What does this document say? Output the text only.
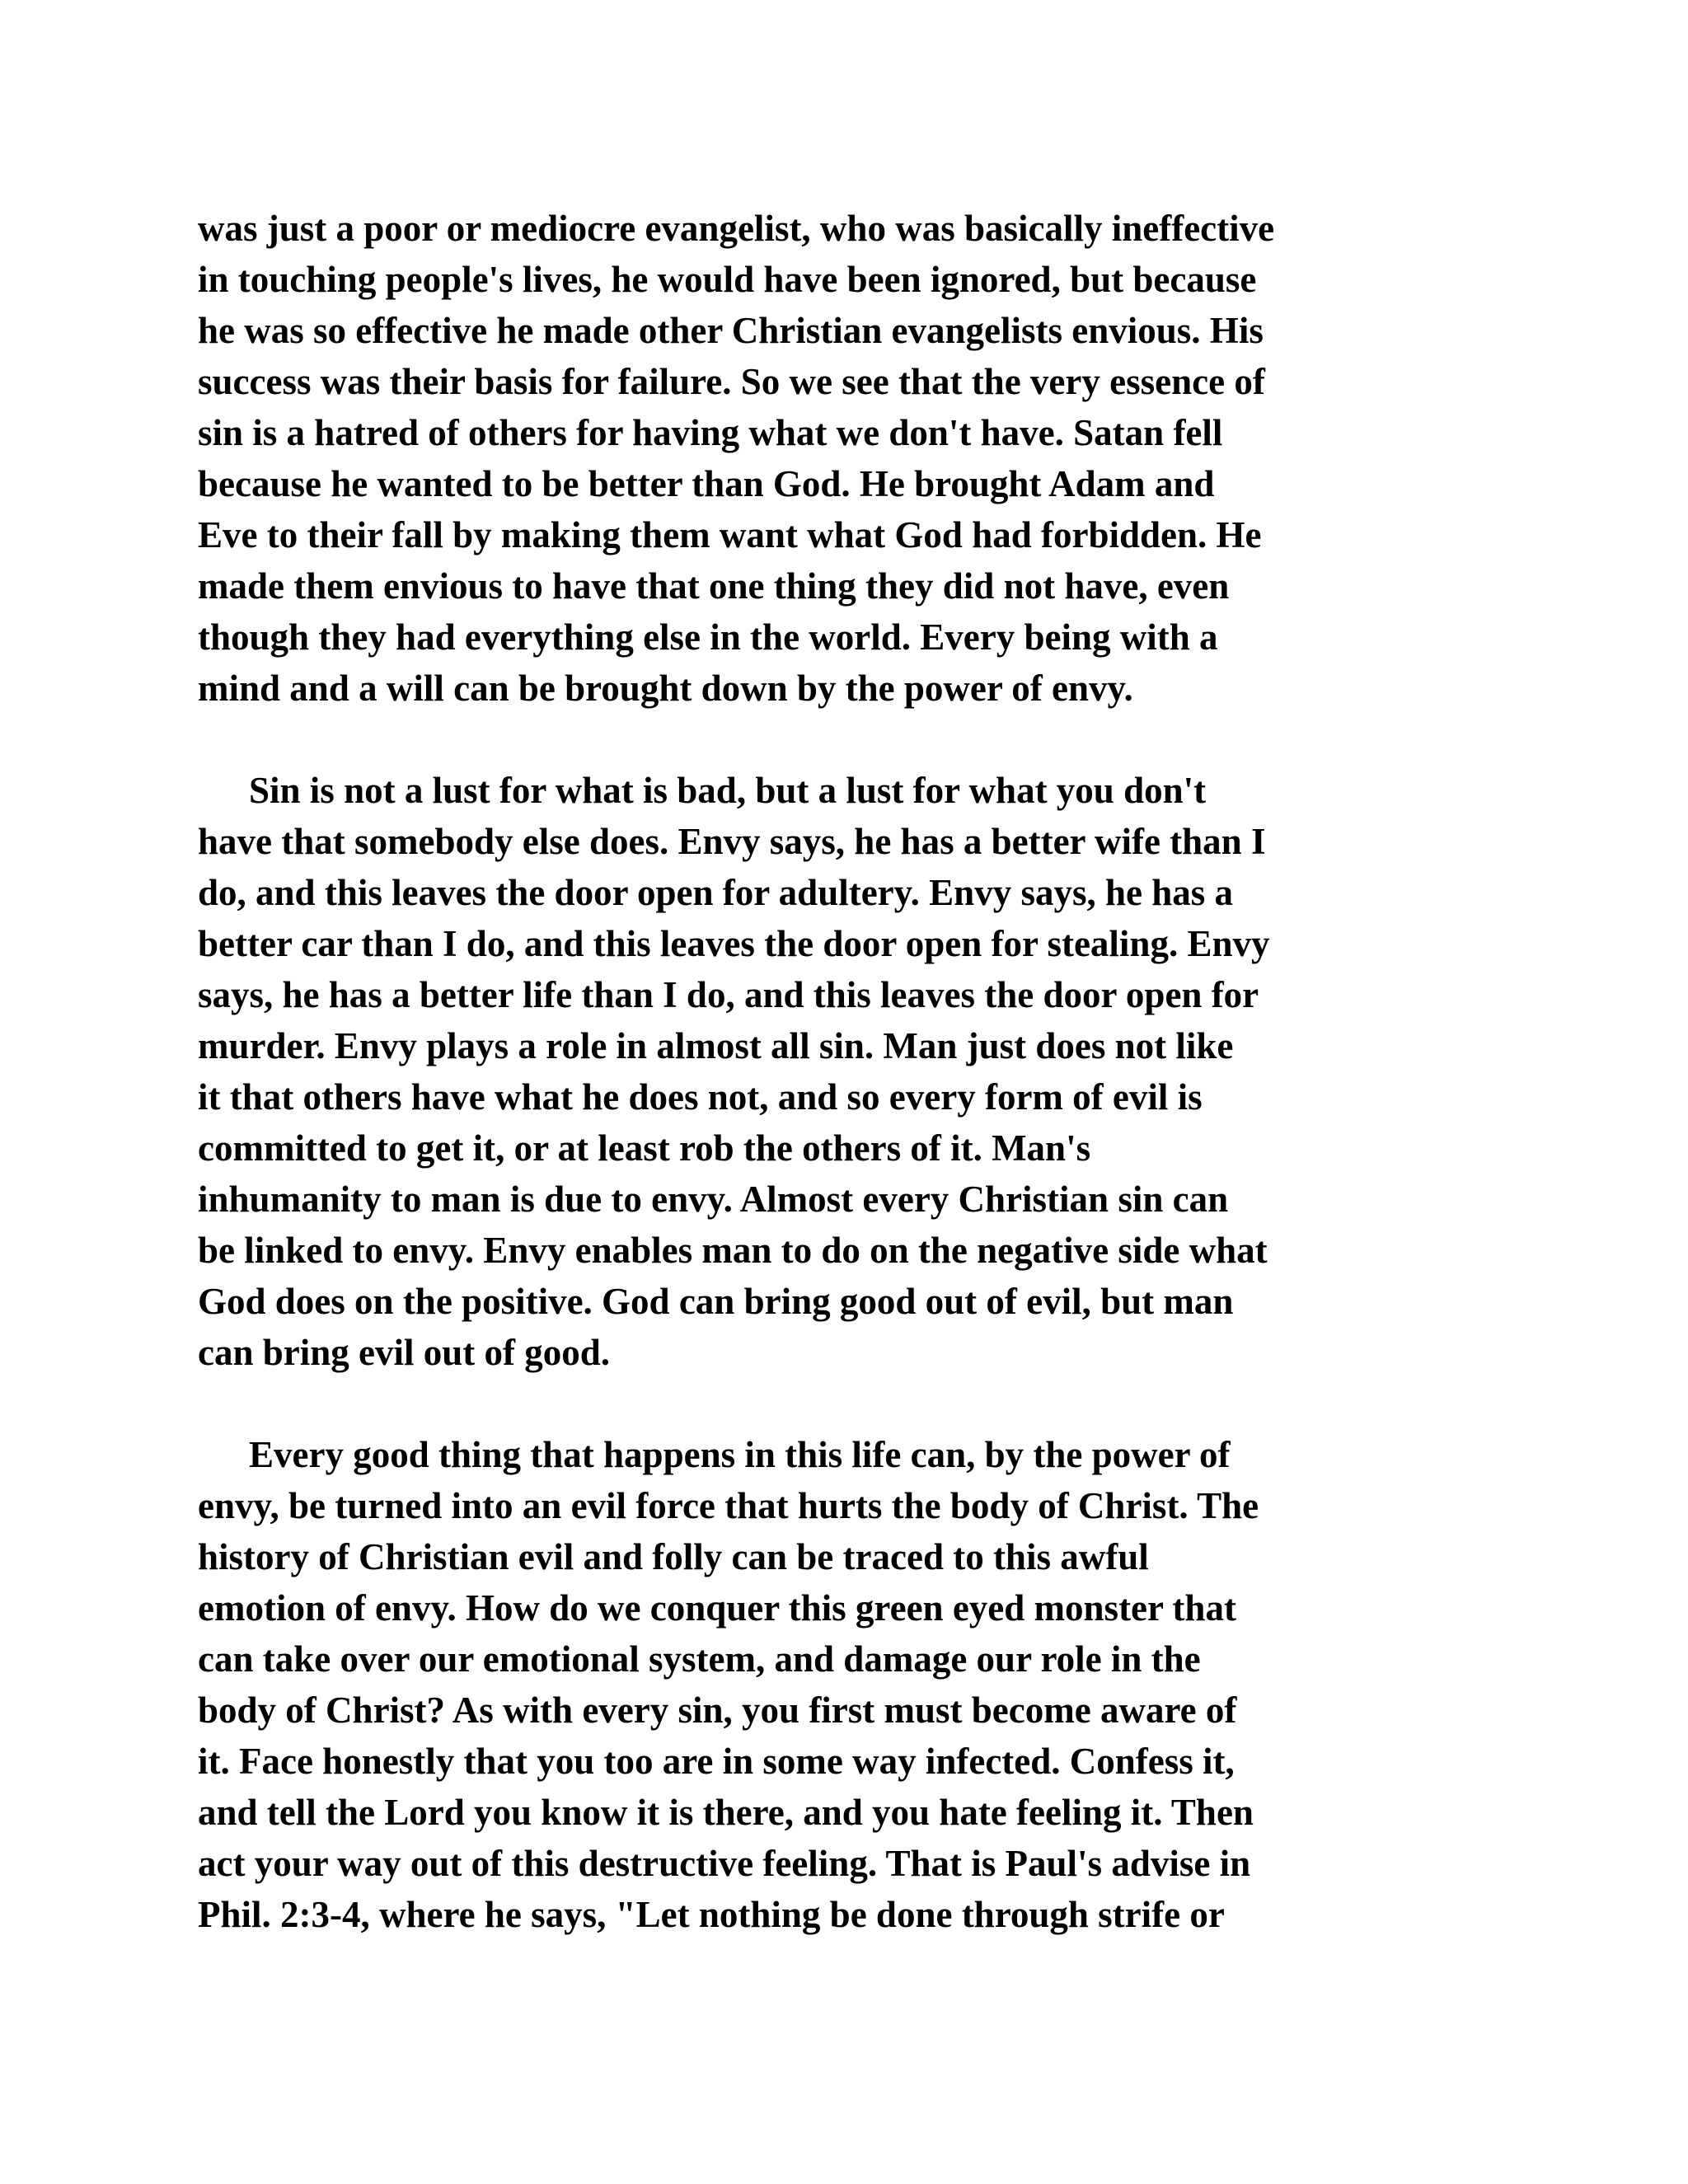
was just a poor or mediocre evangelist, who was basically ineffective
in touching people's lives, he would have been ignored, but because
he was so effective he made other Christian evangelists envious. His
success was their basis for failure. So we see that the very essence of
sin is a hatred of others for having what we don't have. Satan fell
because he wanted to be better than God. He brought Adam and
Eve to their fall by making them want what God had forbidden. He
made them envious to have that one thing they did not have, even
though they had everything else in the world. Every being with a
mind and a will can be brought down by the power of envy.
Sin is not a lust for what is bad, but a lust for what you don't
have that somebody else does. Envy says, he has a better wife than I
do, and this leaves the door open for adultery. Envy says, he has a
better car than I do, and this leaves the door open for stealing. Envy
says, he has a better life than I do, and this leaves the door open for
murder. Envy plays a role in almost all sin. Man just does not like
it that others have what he does not, and so every form of evil is
committed to get it, or at least rob the others of it. Man's
inhumanity to man is due to envy. Almost every Christian sin can
be linked to envy. Envy enables man to do on the negative side what
God does on the positive. God can bring good out of evil, but man
can bring evil out of good.
Every good thing that happens in this life can, by the power of
envy, be turned into an evil force that hurts the body of Christ. The
history of Christian evil and folly can be traced to this awful
emotion of envy. How do we conquer this green eyed monster that
can take over our emotional system, and damage our role in the
body of Christ? As with every sin, you first must become aware of
it. Face honestly that you too are in some way infected. Confess it,
and tell the Lord you know it is there, and you hate feeling it. Then
act your way out of this destructive feeling. That is Paul's advise in
Phil. 2:3-4, where he says, "Let nothing be done through strife or
